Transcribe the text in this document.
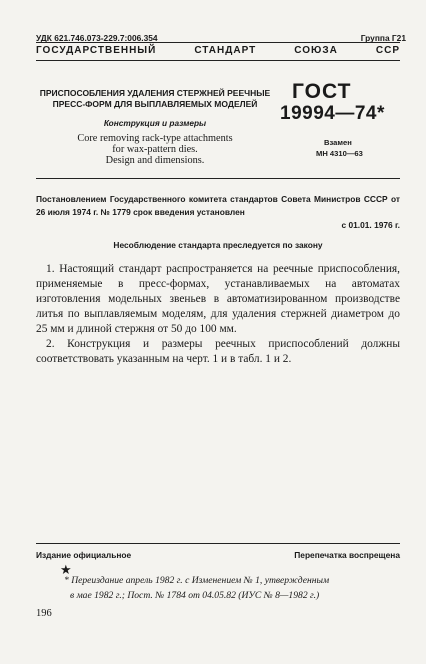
УДК 621.746.073-229.7:006.354	Группа Г21
ГОСУДАРСТВЕННЫЙ	СТАНДАРТ	СОЮЗА	ССР
ПРИСПОСОБЛЕНИЯ УДАЛЕНИЯ СТЕРЖНЕЙ РЕЕЧНЫЕ
ПРЕСС-ФОРМ ДЛЯ ВЫПЛАВЛЯЕМЫХ МОДЕЛЕЙ
Конструкция и размеры
Core removing rack-type attachments
for wax-pattern dies.
Design and dimensions.
ГОСТ
19994—74*
Взамен
МН 4310—63
Постановлением Государственного комитета стандартов Совета Министров СССР от 26 июля 1974 г. № 1779 срок введения установлен
с 01.01. 1976 г.
Несоблюдение стандарта преследуется по закону

1. Настоящий стандарт распространяется на реечные приспособления, применяемые в пресс-формах, устанавливаемых на автоматах изготовления модельных звеньев в автоматизированном производстве литья по выплавляемым моделям, для удаления стержней диаметром до 25 мм и длиной стержня от 50 до 100 мм.

2. Конструкция и размеры реечных приспособлений должны соответствовать указанным на черт. 1 и в табл. 1 и 2.

Издание официальное	Перепечатка воспрещена
★
* Переиздание апрель 1982 г. с Изменением № 1, утвержденным
в мае 1982 г.; Пост. № 1784 от 04.05.82 (ИУС № 8—1982 г.)
196
